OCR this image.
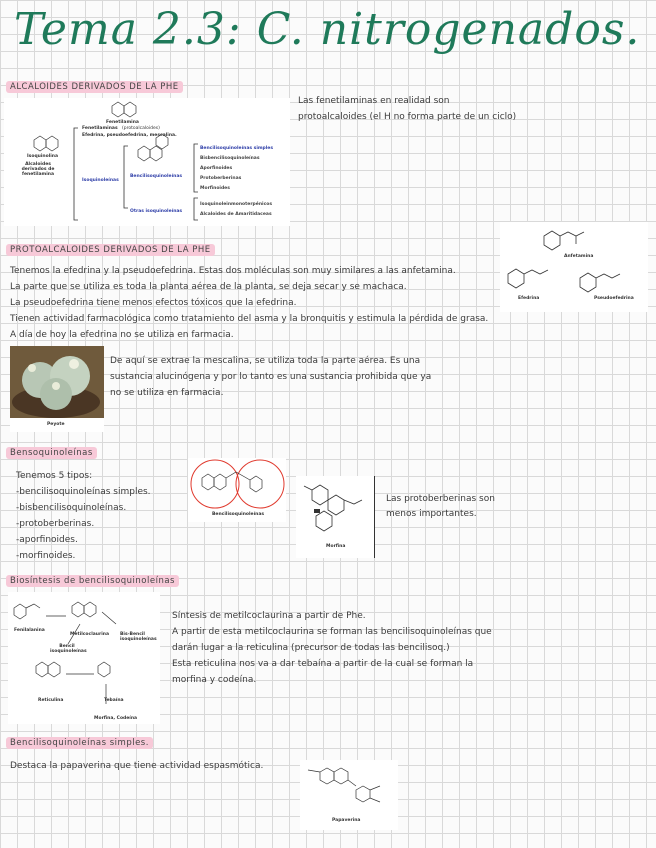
Tema 2.3: C. nitrogenados.
ALCALOIDES DERIVADOS DE LA PHE
Las fenetilaminas en realidad son
protoalcaloides (el H no forma parte de un ciclo)
Isoquinolina
Alcaloides derivados de fenetilamina
Fenetilamina
Fenetilaminas (protoalcaloides)
Efedrina, pseudoefedrina, mescalina.
Isoquinoleínas
Bencilisoquinoleínas
Otras isoquinoleínas
Bencilisoquinoleínas simples
Bisbencilisoquinoleínas
Aporfinoides
Protoberberinas
Morfinoides
Isoquinoleinmonoterpénicos
Alcaloides de Amaritidaceas
PROTOALCALOIDES DERIVADOS DE LA PHE
Anfetamina
Efedrina	Pseudoefedrina
Tenemos la efedrina y la pseudoefedrina. Estas dos moléculas son muy similares a las anfetamina.
La parte que se utiliza es toda la planta aérea de la planta, se deja secar y se machaca.
La pseudoefedrina tiene menos efectos tóxicos que la efedrina.
Tienen actividad farmacológica como tratamiento del asma y la bronquitis y estimula la pérdida de grasa.
A día de hoy la efedrina no se utiliza en farmacia.
Peyote
De aquí se extrae la mescalina, se utiliza toda la parte aérea. Es una
sustancia alucinógena y por lo tanto es una sustancia prohibida que ya
no se utiliza en farmacia.
Bensoquinoleínas
Tenemos 5 tipos:
-bencilisoquinoleínas simples.
-bisbencilisoquinoleínas.
-protoberberinas.
-aporfinoides.
-morfinoides.
Bencilisoquinoleínas
Morfina
Las protoberberinas son
menos importantes.
Biosíntesis de bencilisoquinoleínas
Fenilalanina
Metilcoclaurina Bis-Bencil isoquinoleínas
Bencil isoquinoleínas
Reticulina	Tebaína
Morfina, Codeína
Síntesis de metilcoclaurina a partir de Phe.
A partir de esta metilcoclaurina se forman las bencilisoquinoleínas que
darán lugar a la reticulina (precursor de todas las bencilisoq.)
Esta reticulina nos va a dar tebaína a partir de la cual se forman la
morfina y codeína.
Bencilisoquinoleínas simples.
Destaca la papaverina que tiene actividad espasmótica.
Papaverina
